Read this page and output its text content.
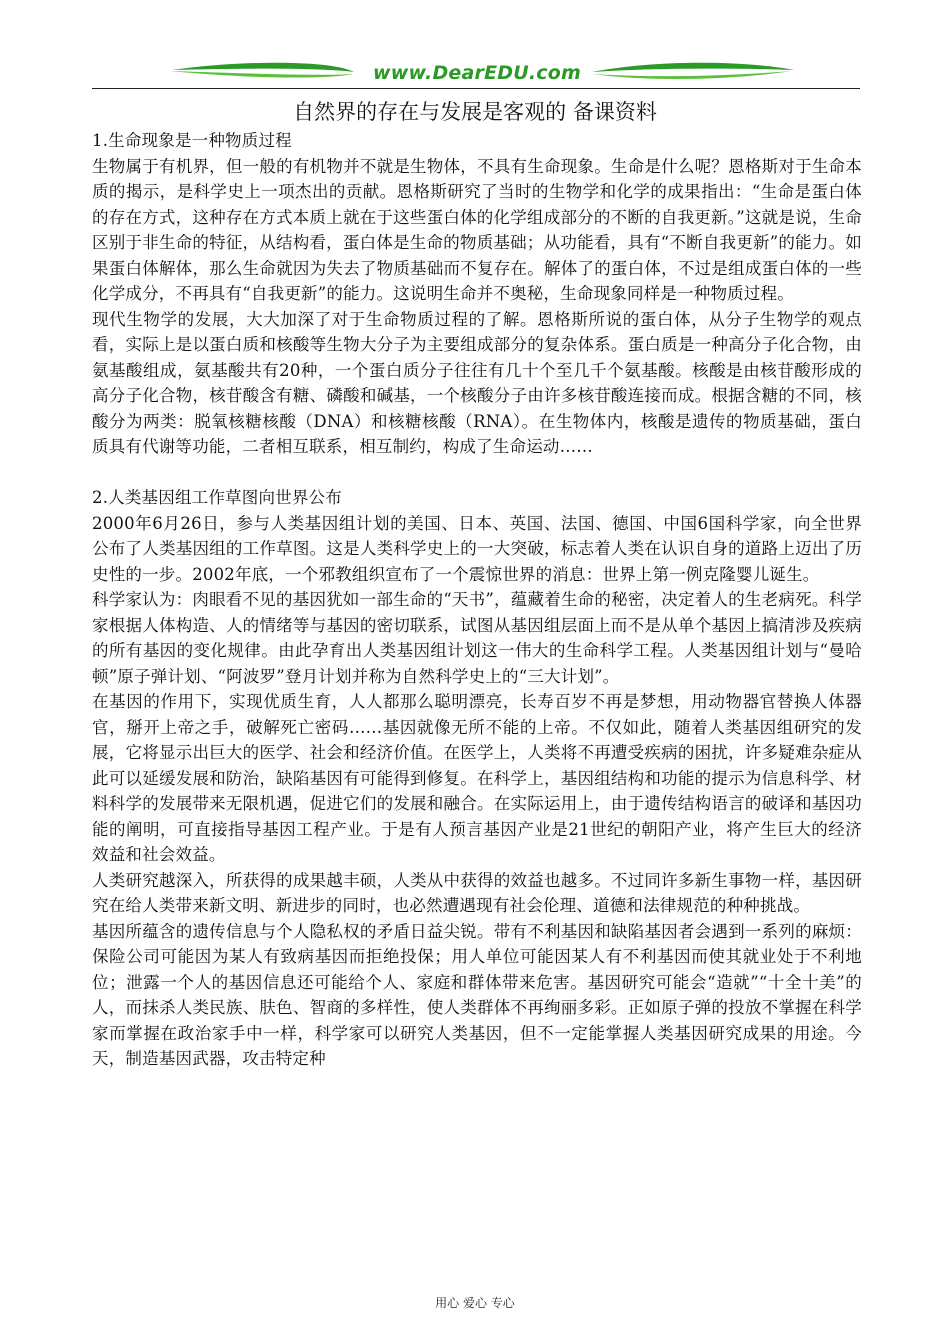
www.DearEDU.com
自然界的存在与发展是客观的 备课资料

1.生命现象是一种物质过程

生物属于有机界，但一般的有机物并不就是生物体，不具有生命现象。生命是什么呢？恩格斯对于生命本质的揭示，是科学史上一项杰出的贡献。恩格斯研究了当时的生物学和化学的成果指出：“生命是蛋白体的存在方式，这种存在方式本质上就在于这些蛋白体的化学组成部分的不断的自我更新。”这就是说，生命区别于非生命的特征，从结构看，蛋白体是生命的物质基础；从功能看，具有“不断自我更新”的能力。如果蛋白体解体，那么生命就因为失去了物质基础而不复存在。解体了的蛋白体，不过是组成蛋白体的一些化学成分，不再具有“自我更新”的能力。这说明生命并不奥秘，生命现象同样是一种物质过程。

现代生物学的发展，大大加深了对于生命物质过程的了解。恩格斯所说的蛋白体，从分子生物学的观点看，实际上是以蛋白质和核酸等生物大分子为主要组成部分的复杂体系。蛋白质是一种高分子化合物，由氨基酸组成，氨基酸共有20种，一个蛋白质分子往往有几十个至几千个氨基酸。核酸是由核苷酸形成的高分子化合物，核苷酸含有糖、磷酸和碱基，一个核酸分子由许多核苷酸连接而成。根据含糖的不同，核酸分为两类：脱氧核糖核酸（DNA）和核糖核酸（RNA）。在生物体内，核酸是遗传的物质基础，蛋白质具有代谢等功能，二者相互联系，相互制约，构成了生命运动……

2.人类基因组工作草图向世界公布

2000年6月26日，参与人类基因组计划的美国、日本、英国、法国、德国、中国6国科学家，向全世界公布了人类基因组的工作草图。这是人类科学史上的一大突破，标志着人类在认识自身的道路上迈出了历史性的一步。2002年底，一个邪教组织宣布了一个震惊世界的消息：世界上第一例克隆婴儿诞生。

科学家认为：肉眼看不见的基因犹如一部生命的“天书”，蕴藏着生命的秘密，决定着人的生老病死。科学家根据人体构造、人的情绪等与基因的密切联系，试图从基因组层面上而不是从单个基因上搞清涉及疾病的所有基因的变化规律。由此孕育出人类基因组计划这一伟大的生命科学工程。人类基因组计划与“曼哈顿”原子弹计划、“阿波罗”登月计划并称为自然科学史上的“三大计划”。

在基因的作用下，实现优质生育，人人都那么聪明漂亮，长寿百岁不再是梦想，用动物器官替换人体器官，掰开上帝之手，破解死亡密码……基因就像无所不能的上帝。不仅如此，随着人类基因组研究的发展，它将显示出巨大的医学、社会和经济价值。在医学上，人类将不再遭受疾病的困扰，许多疑难杂症从此可以延缓发展和防治，缺陷基因有可能得到修复。在科学上，基因组结构和功能的提示为信息科学、材料科学的发展带来无限机遇，促进它们的发展和融合。在实际运用上，由于遗传结构语言的破译和基因功能的阐明，可直接指导基因工程产业。于是有人预言基因产业是21世纪的朝阳产业，将产生巨大的经济效益和社会效益。

人类研究越深入，所获得的成果越丰硕，人类从中获得的效益也越多。不过同许多新生事物一样，基因研究在给人类带来新文明、新进步的同时，也必然遭遇现有社会伦理、道德和法律规范的种种挑战。

基因所蕴含的遗传信息与个人隐私权的矛盾日益尖锐。带有不利基因和缺陷基因者会遇到一系列的麻烦：保险公司可能因为某人有致病基因而拒绝投保；用人单位可能因某人有不利基因而使其就业处于不利地位；泄露一个人的基因信息还可能给个人、家庭和群体带来危害。基因研究可能会“造就”“十全十美”的人，而抹杀人类民族、肤色、智商的多样性，使人类群体不再绚丽多彩。正如原子弹的投放不掌握在科学家而掌握在政治家手中一样，科学家可以研究人类基因，但不一定能掌握人类基因研究成果的用途。今天，制造基因武器，攻击特定种

用心 爱心 专心
